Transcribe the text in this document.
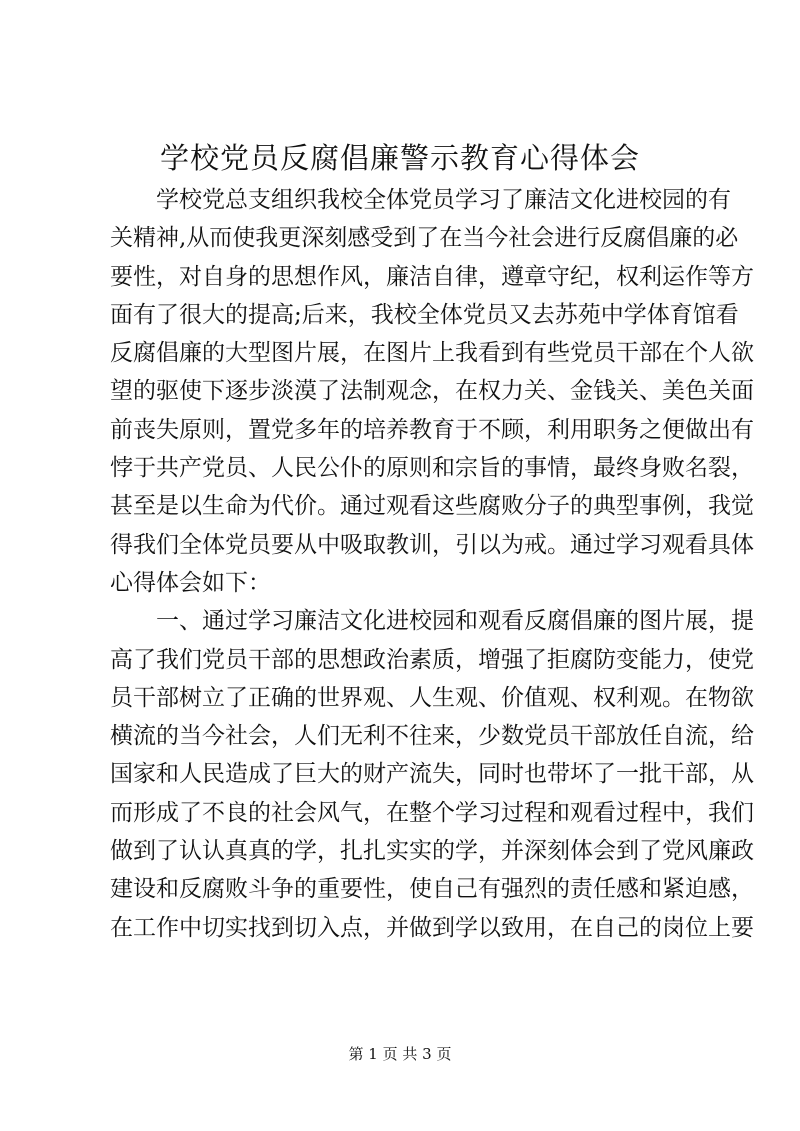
学校党员反腐倡廉警示教育心得体会
学校党总支组织我校全体党员学习了廉洁文化进校园的有
关精神,从而使我更深刻感受到了在当今社会进行反腐倡廉的必
要性，对自身的思想作风，廉洁自律，遵章守纪，权利运作等方
面有了很大的提高;后来，我校全体党员又去苏苑中学体育馆看
反腐倡廉的大型图片展，在图片上我看到有些党员干部在个人欲
望的驱使下逐步淡漠了法制观念，在权力关、金钱关、美色关面
前丧失原则，置党多年的培养教育于不顾，利用职务之便做出有
悖于共产党员、人民公仆的原则和宗旨的事情，最终身败名裂，
甚至是以生命为代价。通过观看这些腐败分子的典型事例，我觉
得我们全体党员要从中吸取教训，引以为戒。通过学习观看具体
心得体会如下：
一、通过学习廉洁文化进校园和观看反腐倡廉的图片展，提
高了我们党员干部的思想政治素质，增强了拒腐防变能力，使党
员干部树立了正确的世界观、人生观、价值观、权利观。在物欲
横流的当今社会，人们无利不往来，少数党员干部放任自流，给
国家和人民造成了巨大的财产流失，同时也带坏了一批干部，从
而形成了不良的社会风气，在整个学习过程和观看过程中，我们
做到了认认真真的学，扎扎实实的学，并深刻体会到了党风廉政
建设和反腐败斗争的重要性，使自己有强烈的责任感和紧迫感，
在工作中切实找到切入点，并做到学以致用，在自己的岗位上要
第 1 页 共 3 页
